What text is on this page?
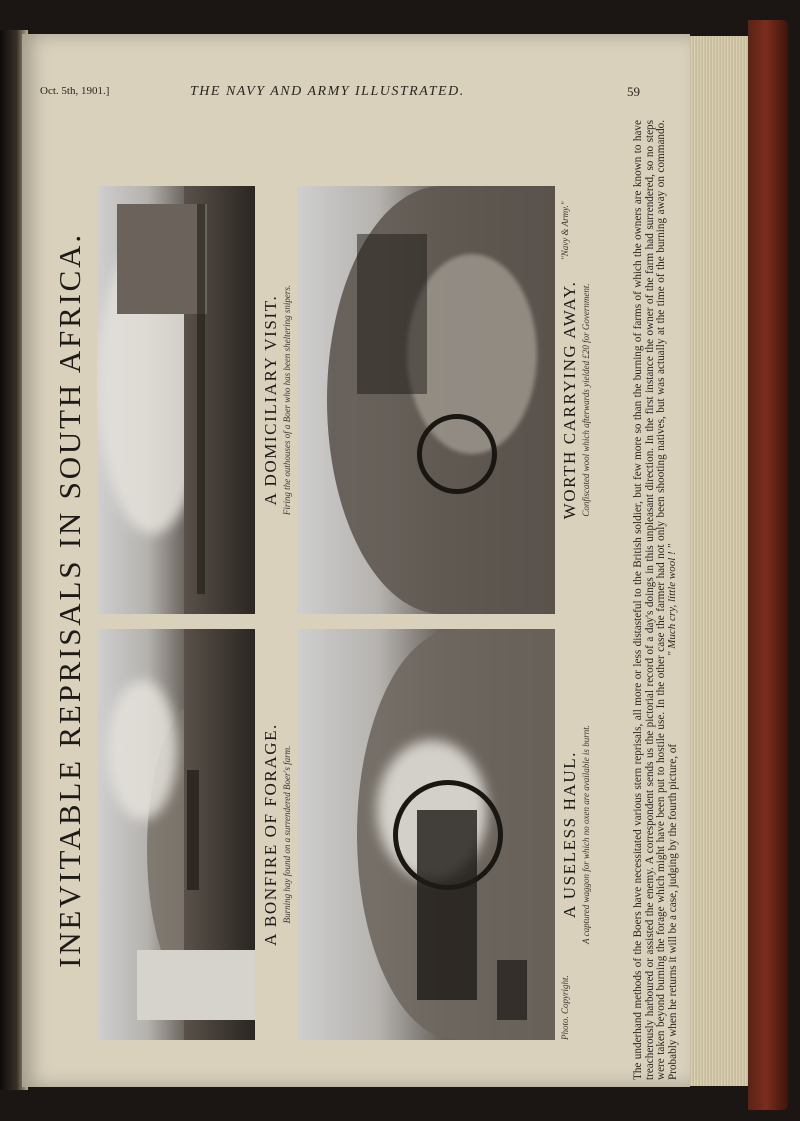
Oct. 5th, 1901.]	THE NAVY AND ARMY ILLUSTRATED.	59
INEVITABLE REPRISALS IN SOUTH AFRICA.	A BONFIRE OF FORAGE. Burning hay found on a surrendered Boer's farm.
A DOMICILIARY VISIT. Firing the outhouses of a Boer who has been sheltering snipers.
A USELESS HAUL. A captured waggon for which no oxen are available is burnt.
Photo. Copyright.
WORTH CARRYING AWAY. Confiscated wool which afterwards yielded £20 for Government.
"Navy & Army."	The underhand methods of the Boers have necessitated various stern reprisals, all more or less distasteful to the British soldier, but few more so than the burning of farms of which the owners are known to have treacherously harboured or assisted the enemy. A correspondent sends us the pictorial record of a day's doings in this unpleasant direction. In the first instance the owner of the farm had surrendered, so no steps were taken beyond burning the forage which might have been put to hostile use. In the other case the farmer had not only been shooting natives, but was actually at the time of the burning away on commando. Probably when he returns it will be a case, judging by the fourth picture, of
" Much cry, little wool ! "
